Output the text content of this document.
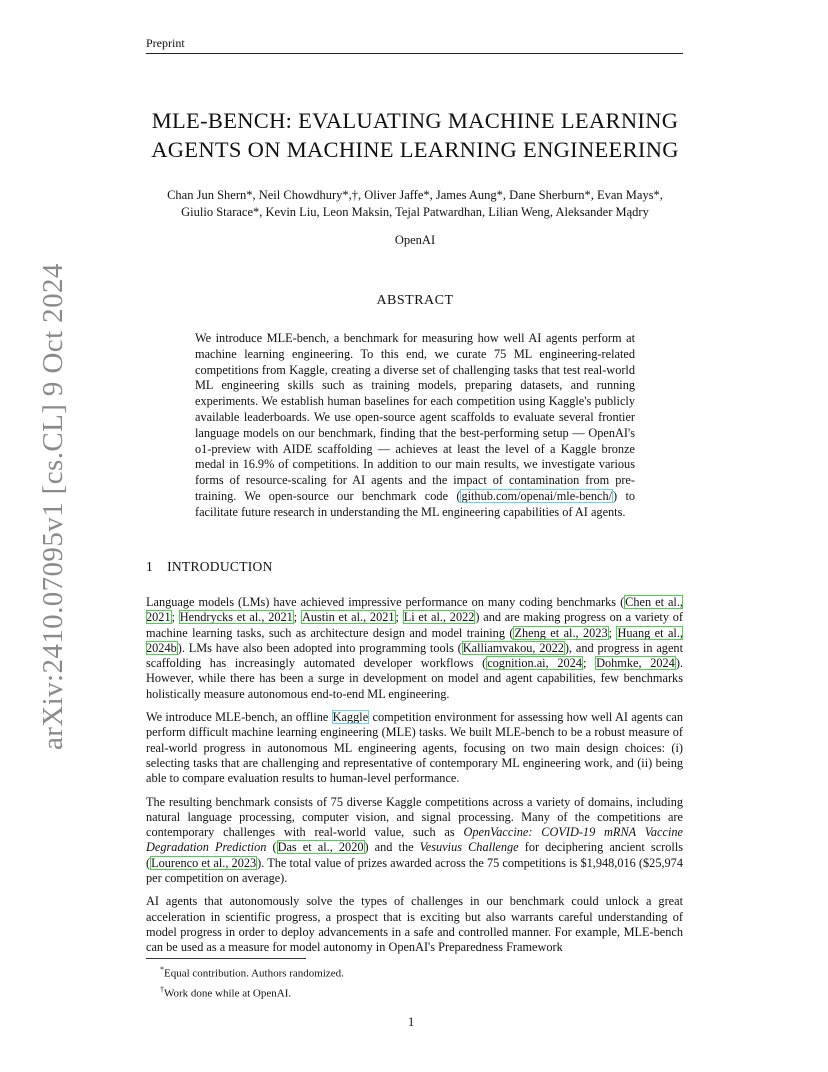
Preprint
arXiv:2410.07095v1 [cs.CL] 9 Oct 2024
MLE-BENCH: EVALUATING MACHINE LEARNING
AGENTS ON MACHINE LEARNING ENGINEERING
Chan Jun Shern*, Neil Chowdhury*,†, Oliver Jaffe*, James Aung*, Dane Sherburn*, Evan Mays*,
Giulio Starace*, Kevin Liu, Leon Maksin, Tejal Patwardhan, Lilian Weng, Aleksander Mądry
OpenAI
ABSTRACT
We introduce MLE-bench, a benchmark for measuring how well AI agents perform at machine learning engineering. To this end, we curate 75 ML engineering-related competitions from Kaggle, creating a diverse set of challenging tasks that test real-world ML engineering skills such as training models, preparing datasets, and running experiments. We establish human baselines for each competition using Kaggle's publicly available leaderboards. We use open-source agent scaffolds to evaluate several frontier language models on our benchmark, finding that the best-performing setup — OpenAI's o1-preview with AIDE scaffolding — achieves at least the level of a Kaggle bronze medal in 16.9% of competitions. In addition to our main results, we investigate various forms of resource-scaling for AI agents and the impact of contamination from pre-training. We open-source our benchmark code (github.com/openai/mle-bench/) to facilitate future research in understanding the ML engineering capabilities of AI agents.
1 INTRODUCTION

Language models (LMs) have achieved impressive performance on many coding benchmarks (Chen et al., 2021; Hendrycks et al., 2021; Austin et al., 2021; Li et al., 2022) and are making progress on a variety of machine learning tasks, such as architecture design and model training (Zheng et al., 2023; Huang et al., 2024b). LMs have also been adopted into programming tools (Kalliamvakou, 2022), and progress in agent scaffolding has increasingly automated developer workflows (cognition.ai, 2024; Dohmke, 2024). However, while there has been a surge in development on model and agent capabilities, few benchmarks holistically measure autonomous end-to-end ML engineering.

We introduce MLE-bench, an offline Kaggle competition environment for assessing how well AI agents can perform difficult machine learning engineering (MLE) tasks. We built MLE-bench to be a robust measure of real-world progress in autonomous ML engineering agents, focusing on two main design choices: (i) selecting tasks that are challenging and representative of contemporary ML engineering work, and (ii) being able to compare evaluation results to human-level performance.

The resulting benchmark consists of 75 diverse Kaggle competitions across a variety of domains, including natural language processing, computer vision, and signal processing. Many of the competitions are contemporary challenges with real-world value, such as OpenVaccine: COVID-19 mRNA Vaccine Degradation Prediction (Das et al., 2020) and the Vesuvius Challenge for deciphering ancient scrolls (Lourenco et al., 2023). The total value of prizes awarded across the 75 competitions is $1,948,016 ($25,974 per competition on average).

AI agents that autonomously solve the types of challenges in our benchmark could unlock a great acceleration in scientific progress, a prospect that is exciting but also warrants careful understanding of model progress in order to deploy advancements in a safe and controlled manner. For example, MLE-bench can be used as a measure for model autonomy in OpenAI's Preparedness Framework

*Equal contribution. Authors randomized.
†Work done while at OpenAI.
1
